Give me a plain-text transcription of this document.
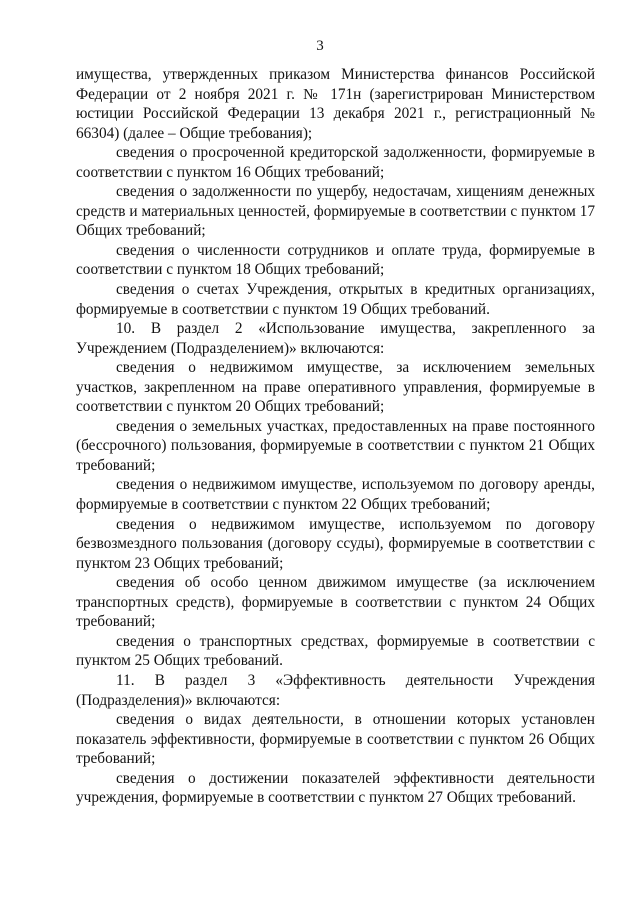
3

имущества, утвержденных приказом Министерства финансов Российской Федерации от 2 ноября 2021 г. № 171н (зарегистрирован Министерством юстиции Российской Федерации 13 декабря 2021 г., регистрационный № 66304) (далее – Общие требования);

сведения о просроченной кредиторской задолженности, формируемые в соответствии с пунктом 16 Общих требований;

сведения о задолженности по ущербу, недостачам, хищениям денежных средств и материальных ценностей, формируемые в соответствии с пунктом 17 Общих требований;

сведения о численности сотрудников и оплате труда, формируемые в соответствии с пунктом 18 Общих требований;

сведения о счетах Учреждения, открытых в кредитных организациях, формируемые в соответствии с пунктом 19 Общих требований.

10. В раздел 2 «Использование имущества, закрепленного за Учреждением (Подразделением)» включаются:

сведения о недвижимом имуществе, за исключением земельных участков, закрепленном на праве оперативного управления, формируемые в соответствии с пунктом 20 Общих требований;

сведения о земельных участках, предоставленных на праве постоянного (бессрочного) пользования, формируемые в соответствии с пунктом 21 Общих требований;

сведения о недвижимом имуществе, используемом по договору аренды, формируемые в соответствии с пунктом 22 Общих требований;

сведения о недвижимом имуществе, используемом по договору безвозмездного пользования (договору ссуды), формируемые в соответствии с пунктом 23 Общих требований;

сведения об особо ценном движимом имуществе (за исключением транспортных средств), формируемые в соответствии с пунктом 24 Общих требований;

сведения о транспортных средствах, формируемые в соответствии с пунктом 25 Общих требований.

11. В раздел 3 «Эффективность деятельности Учреждения (Подразделения)» включаются:

сведения о видах деятельности, в отношении которых установлен показатель эффективности, формируемые в соответствии с пунктом 26 Общих требований;

сведения о достижении показателей эффективности деятельности учреждения, формируемые в соответствии с пунктом 27 Общих требований.
